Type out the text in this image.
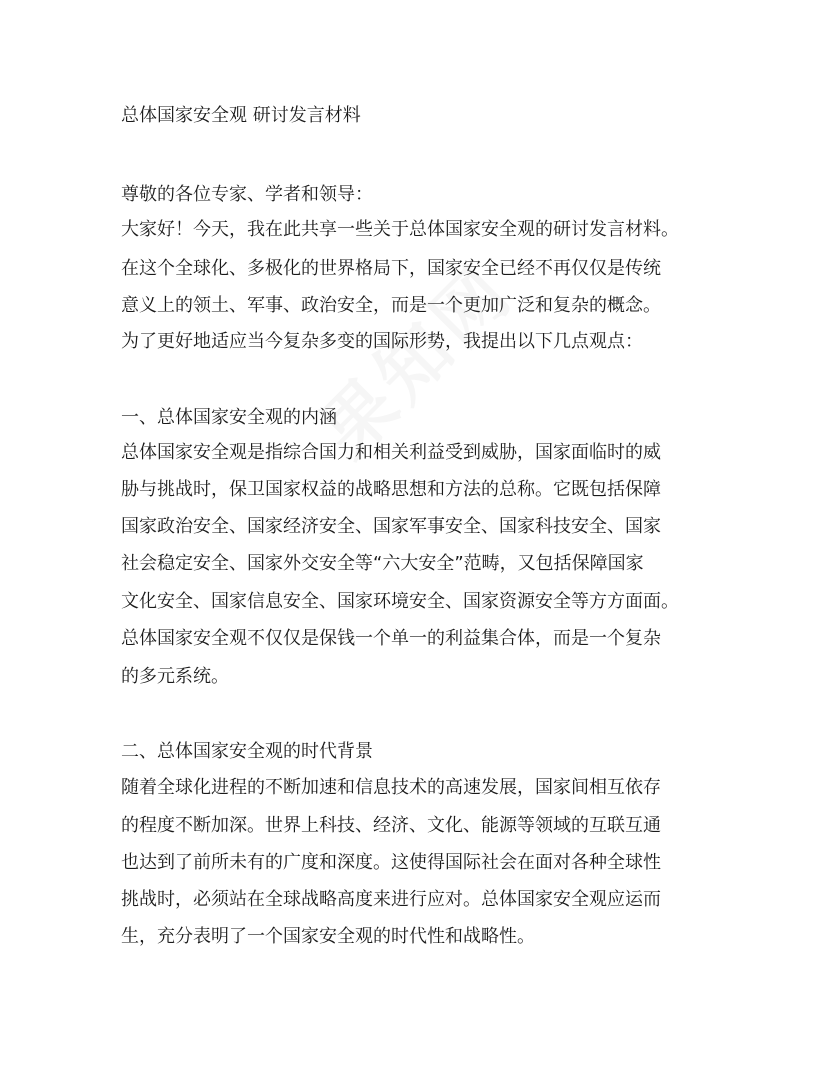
总体国家安全观 研讨发言材料
尊敬的各位专家、学者和领导：
大家好！今天，我在此共享一些关于总体国家安全观的研讨发言材料。
在这个全球化、多极化的世界格局下，国家安全已经不再仅仅是传统
意义上的领土、军事、政治安全，而是一个更加广泛和复杂的概念。
为了更好地适应当今复杂多变的国际形势，我提出以下几点观点：
一、总体国家安全观的内涵
总体国家安全观是指综合国力和相关利益受到威胁，国家面临时的威
胁与挑战时，保卫国家权益的战略思想和方法的总称。它既包括保障
国家政治安全、国家经济安全、国家军事安全、国家科技安全、国家
社会稳定安全、国家外交安全等“六大安全”范畴，又包括保障国家
文化安全、国家信息安全、国家环境安全、国家资源安全等方方面面。
总体国家安全观不仅仅是保钱一个单一的利益集合体，而是一个复杂
的多元系统。
二、总体国家安全观的时代背景
随着全球化进程的不断加速和信息技术的高速发展，国家间相互依存
的程度不断加深。世界上科技、经济、文化、能源等领域的互联互通
也达到了前所未有的广度和深度。这使得国际社会在面对各种全球性
挑战时，必须站在全球战略高度来进行应对。总体国家安全观应运而
生，充分表明了一个国家安全观的时代性和战略性。
